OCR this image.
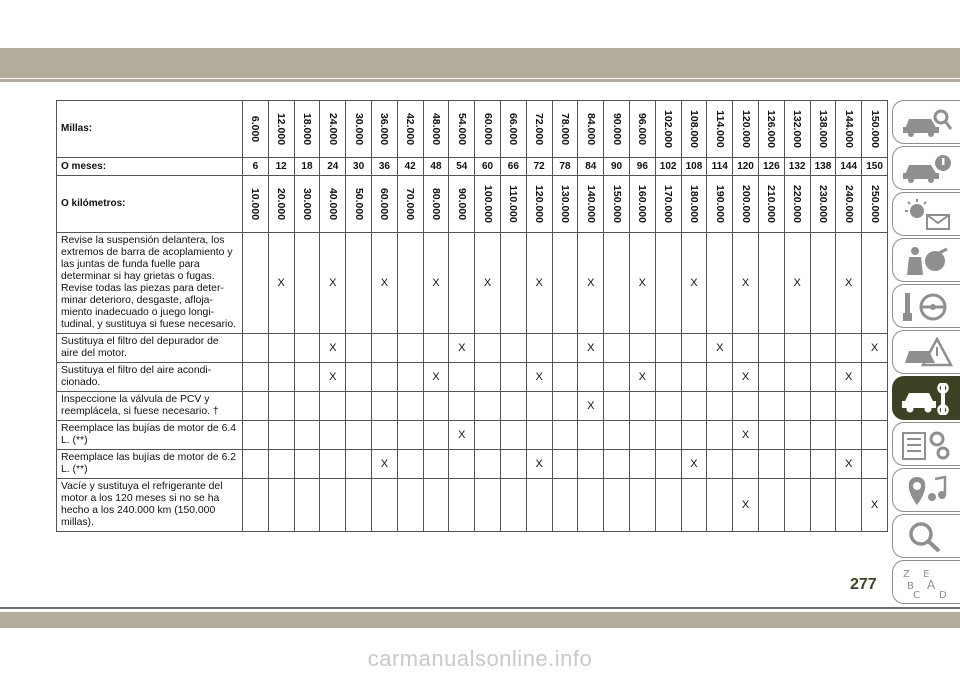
Millas:	6.000	12.000	18.000	24.000	30.000	36.000	42.000	48.000	54.000	60.000	66.000	72.000	78.000	84.000	90.000	96.000	102.000	108.000	114.000	120.000	126.000	132.000	138.000	144.000	150.000

O meses:	6	12	18	24	30	36	42	48	54	60	66	72	78	84	90	96	102	108	114	120	126	132	138	144	150
O kilómetros:	10.000	20.000	30.000	40.000	50.000	60.000	70.000	80.000	90.000	100.000	110.000	120.000	130.000	140.000	150.000	160.000	170.000	180.000	190.000	200.000	210.000	220.000	230.000	240.000	250.000

Revise la suspensión delantera, los extremos de barra de acoplamiento y las juntas de funda fuelle para determinar si hay grietas o fugas. Revise todas las piezas para deter- minar deterioro, desgaste, afloja- miento inadecuado o juego longi- tudinal, y sustituya si fuese necesario.		X		X		X		X		X		X		X		X		X		X		X		X	
Sustituya el filtro del depurador de aire del motor.				X					X					X					X						X
Sustituya el filtro del aire acondi- cionado.				X				X				X				X				X				X	
Inspeccione la válvula de PCV y reemplácela, si fuese necesario. †														X											
Reemplace las bujías de motor de 6.4 L. (**)									X											X					
Reemplace las bujías de motor de 6.2 L. (**)						X						X						X						X	
Vacíe y sustituya el refrigerante del motor a los 120 meses si no se ha hecho a los 240.000 km (150.000 millas).																				X					X
Z E
B A
C D
277
carmanualsonline.info
